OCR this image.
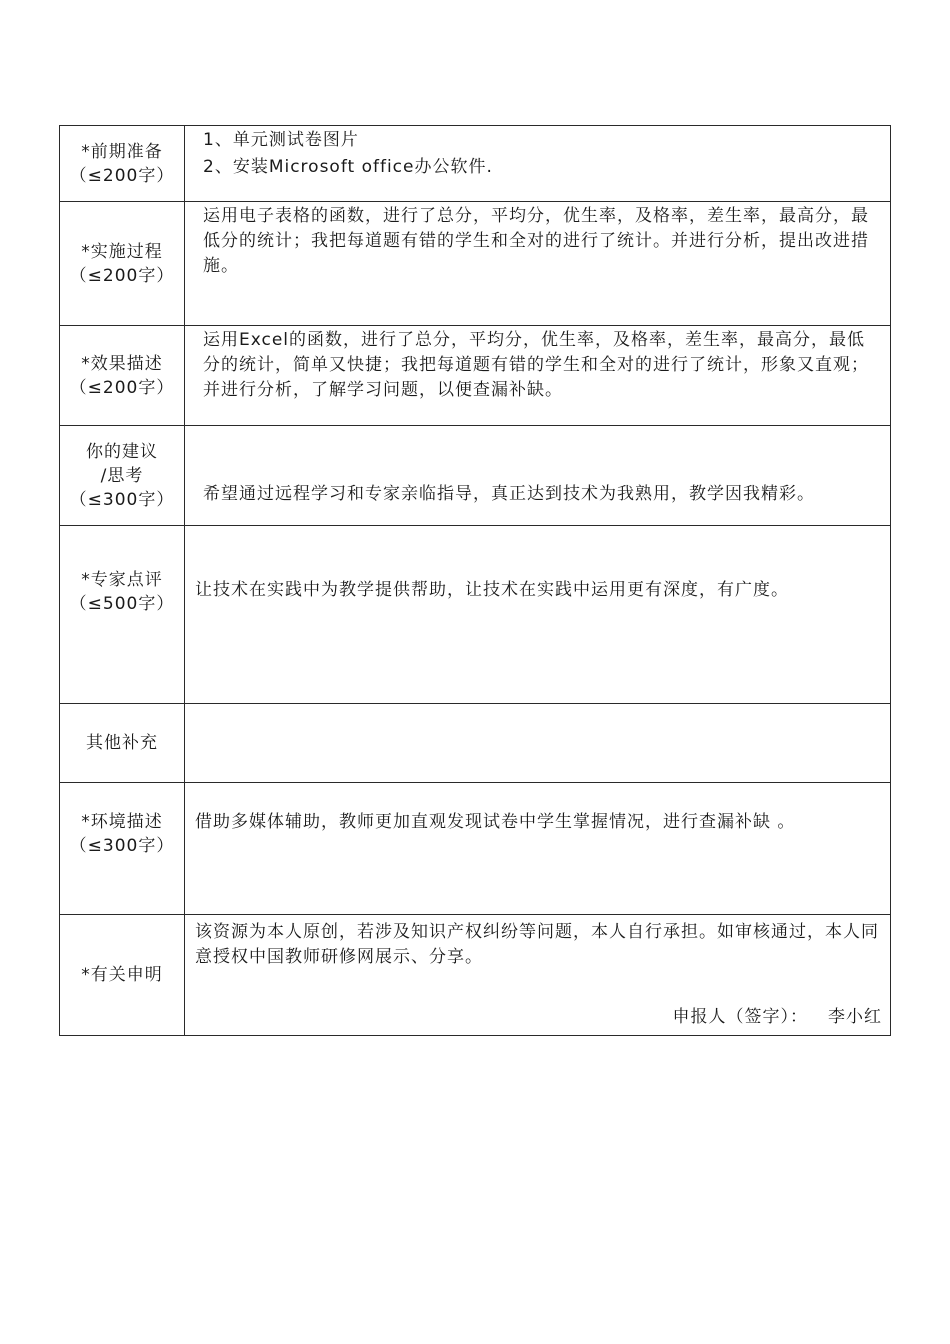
*前期准备
（≤200字）	1、单元测试卷图片
2、安装Microsoft office办公软件.

*实施过程
（≤200字）	运用电子表格的函数，进行了总分，平均分，优生率，及格率，差生率，最高分，最低分的统计；我把每道题有错的学生和全对的进行了统计。并进行分析，提出改进措施。

*效果描述
（≤200字）	运用Excel的函数，进行了总分，平均分，优生率，及格率，差生率，最高分，最低分的统计，简单又快捷；我把每道题有错的学生和全对的进行了统计，形象又直观；并进行分析，了解学习问题，以便查漏补缺。

你的建议
/思考
（≤300字）	希望通过远程学习和专家亲临指导，真正达到技术为我熟用，教学因我精彩。

*专家点评
（≤500字）	让技术在实践中为教学提供帮助，让技术在实践中运用更有深度，有广度。

其他补充	

*环境描述
（≤300字）	借助多媒体辅助，教师更加直观发现试卷中学生掌握情况，进行查漏补缺 。

*有关申明	该资源为本人原创，若涉及知识产权纠纷等问题，本人自行承担。如审核通过，本人同意授权中国教师研修网展示、分享。
申报人（签字）： 李小红
